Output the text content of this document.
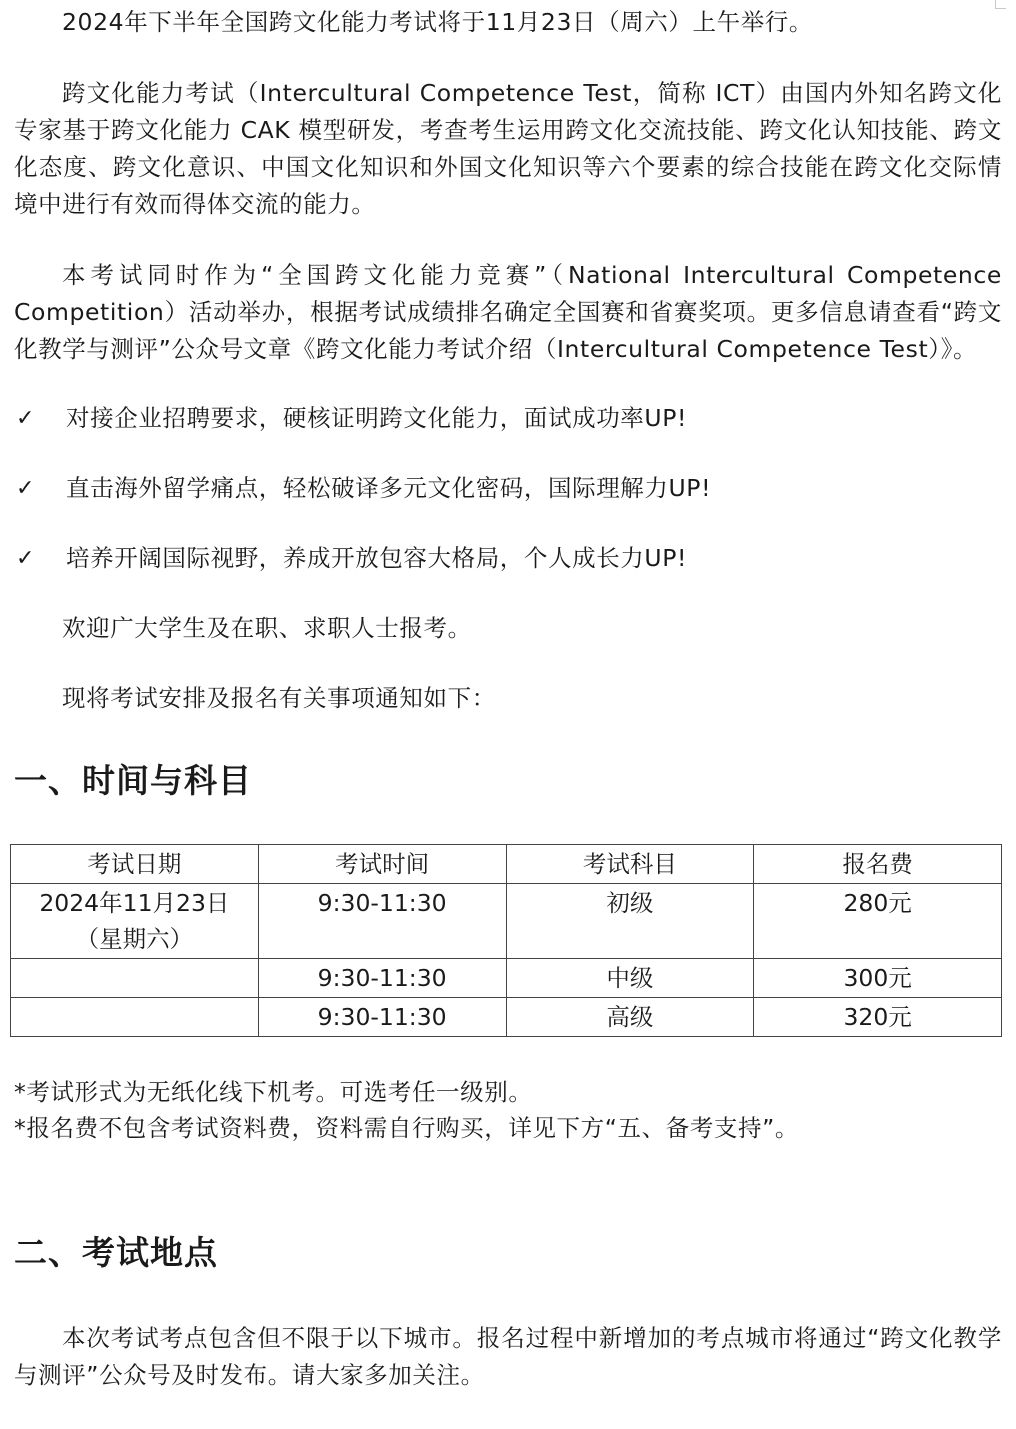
2024年下半年全国跨文化能力考试将于11月23日（周六）上午举行。

跨文化能力考试（Intercultural Competence Test，简称 ICT）由国内外知名跨文化专家基于跨文化能力 CAK 模型研发，考查考生运用跨文化交流技能、跨文化认知技能、跨文化态度、跨文化意识、中国文化知识和外国文化知识等六个要素的综合技能在跨文化交际情境中进行有效而得体交流的能力。

本考试同时作为“全国跨文化能力竞赛”（National Intercultural Competence Competition）活动举办，根据考试成绩排名确定全国赛和省赛奖项。更多信息请查看“跨文化教学与测评”公众号文章《跨文化能力考试介绍（Intercultural Competence Test）》。

✓	对接企业招聘要求，硬核证明跨文化能力，面试成功率UP!
✓	直击海外留学痛点，轻松破译多元文化密码，国际理解力UP!
✓	培养开阔国际视野，养成开放包容大格局，个人成长力UP!

欢迎广大学生及在职、求职人士报考。

现将考试安排及报名有关事项通知如下：

一、时间与科目
考试日期	考试时间	考试科目	报名费
2024年11月23日（星期六）	9:30-11:30	初级	280元
	9:30-11:30	中级	300元
	9:30-11:30	高级	320元

*考试形式为无纸化线下机考。可选考任一级别。

*报名费不包含考试资料费，资料需自行购买，详见下方“五、备考支持”。

二、考试地点

本次考试考点包含但不限于以下城市。报名过程中新增加的考点城市将通过“跨文化教学与测评”公众号及时发布。请大家多加关注。
